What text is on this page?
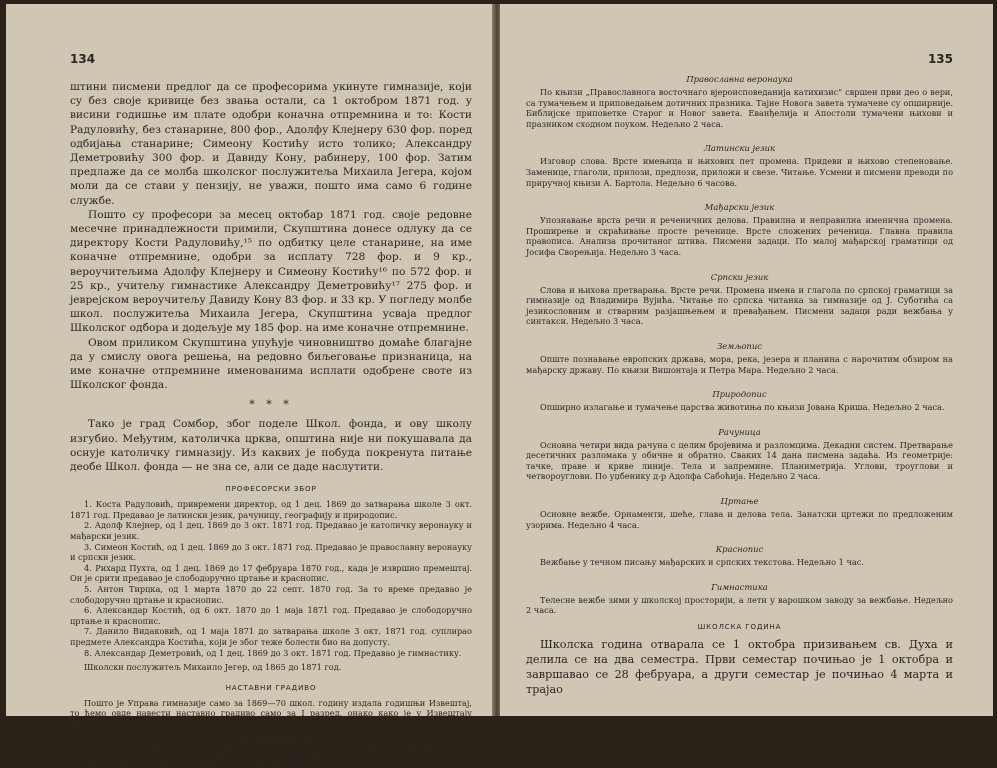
134

штини писмени предлог да се професорима укинуте гимназије, који су без своје кривице без звања остали, са 1 октобром 1871 год. у висини годишње им плате одобри коначна отпремнина и то: Кости Радуловићу, без станарине, 800 фор., Адолфу Клејнеру 630 фор. поред одбијања станарине; Симеону Костићу исто толико; Александру Деметровићу 300 фор. и Давиду Кону, рабинеру, 100 фор. Затим предлаже да се молба школског послужитеља Михаила Јегера, којом моли да се стави у пензију, не уважи, пошто има само 6 године службе.

Пошто су професори за месец октобар 1871 год. своје редовне месечне принадлежности примили, Скупштина донесе одлуку да се директору Кости Радуловићу,¹⁵ по одбитку целе станарине, на име коначне отпремнине, одобри за исплату 728 фор. и 9 кр., вероучитељима Адолфу Клејнеру и Симеону Костићу¹⁶ по 572 фор. и 25 кр., учитељу гимнастике Александру Деметровићу¹⁷ 275 фор. и јеврејском вероучитељу Давиду Кону 83 фор. и 33 кр. У погледу молбе школ. послужитеља Михаила Јегера, Скупштина усваја предлог Школског одбора и додељује му 185 фор. на име коначне отпремнине.

Овом приликом Скупштина упућује чиновништво домаће благајне да у смислу овога решења, на редовно биљеговање признаница, на име коначне отпремнине именованима исплати одобрене своте из Школског фонда.

* * *

Тако је град Сомбор, због поделе Школ. фонда, и ову школу изгубио. Међутим, католичка црква, општина није ни покушавала да оснује католичку гимназију. Из каквих је побуда покренута питање деобе Школ. фонда — не зна се, али се даде наслутити.

ПРОФЕСОРСКИ ЗБОР

1. Коста Радуловић, привремени директор, од 1 дец. 1869 до затварања школе 3 окт. 1871 год. Предавао је латински језик, рачуницу, географију и природопис.

2. Адолф Клејнер, од 1 дец. 1869 до 3 окт. 1871 год. Предавао је католичку веронауку и мађарски језик.

3. Симеон Костић, од 1 дец. 1869 до 3 окт. 1871 год. Предавао је православну веронауку и српски језик.

4. Рихард Пухта, од 1 дец. 1869 до 17 фебруара 1870 год., када је извршио премештај. Он је срити предавао је слободоручно цртање и краснопис.

5. Антон Тирцка, од 1 марта 1870 до 22 септ. 1870 год. За то време предавао је слободоручно цртање и краснопис.

6. Александар Костић, од 6 окт. 1870 до 1 маја 1871 год. Предавао је слободоручно цртање и краснопис.

7. Данило Видаковић, од 1 маја 1871 до затварања школе 3 окт. 1871 год. суплирао предмете Александра Костића, који је због теже болести био на допусту.

8. Александар Деметровић, од 1 дец. 1869 до 3 окт. 1871 год. Предавао је гимнастику.

Школски послужитељ Михаило Јегер, од 1865 до 1871 год.

НАСТАВНИ ГРАДИВО

Пошто је Управа гимназије само за 1869—70 школ. годину издала годишњи Извештај, то ћемо овде навести наставно градиво само за I разред, онако како је у Извештају изложено.

Католичка веронаука

12 чланова хришћанске католичке вере. Заповести божје. Средства милости. Све по јегарском средњем катихизису. Недељно 2 часа.

135
Православна веронаука

По књизи „Православнога восточнаго вјероисповеданија катихизис" свршен први део о вери, са тумачењем и приповедањем дотичних празника. Тајне Новога завета тумачене су опширније. Библијске приповетке Старог и Новог завета. Еванђелија и Апостоли тумачени њихови и празником сходном поуком. Недељно 2 часа.

Латински језик

Изговор слова. Врсте имењица и њихових пет промена. Придеви и њихово степеновање. Заменице, глаголи, прилози, предлози, приложи и свезе. Читање. Усмени и писмени преводи по приручној књизи А. Бартола. Недељно 6 часова.

Мађарски језик

Упознавање врста речи и реченичних делова. Правилна и неправилна именична промена. Проширење и скраћивање просте реченице. Врсте сложених реченица. Главна правила правописа. Анализа прочитаног штива. Писмени задаци. По малој мађарској граматици од Јосифа Сворењија. Недељно 3 часа.

Српски језик

Слова и њихова претварања. Врсте речи. Промена имена и глагола по српској граматици за гимназије од Владимира Вујића. Читање по српска читанка за гимназије од Ј. Суботића са језикословним и стварним разјашњењем и превађањем. Писмени задаци ради вежбања у синтакси. Недељно 3 часа.

Земљопис

Опште познавање европских држава, мора, река, језера и планина с нарочитим обзиром на мађарску државу. По књизи Вишонтаја и Петра Мара. Недељно 2 часа.

Природопис

Опширно излагање и тумачење царства животиња по књизи Јована Криша. Недељно 2 часа.

Рачуница

Основна четири вида рачуна с целим бројевима и разломцима. Декадни систем. Претварање десетичних разломака у обичне и обратно. Сваких 14 дана писмена задаћа. Из геометрије: тачке, праве и криве линије. Тела и запремине. Планиметрија. Углови, троуглови и четвороуглови. По уџбенику д-р Адолфа Сабоћија. Недељно 2 часа.

Цртање

Основне вежбе. Орнаменти, шеће, глава и делова тела. Занатски цртежи по предложеним узорима. Недељно 4 часа.

Краснопис

Вежбање у течном писању мађарских и српских текстова. Недељно 1 час.

Гимнастика

Телесне вежбе зими у школској просторији, а лети у варошком заводу за вежбање. Недељно 2 часа.

ШКОЛСКА ГОДИНА

Школска година отварала се 1 октобра призивањем св. Духа и делила се на два семестра. Први семестар почињао је 1 октобра и завршавао се 28 фебруара, а други семестар је почињао 4 марта и трајао
